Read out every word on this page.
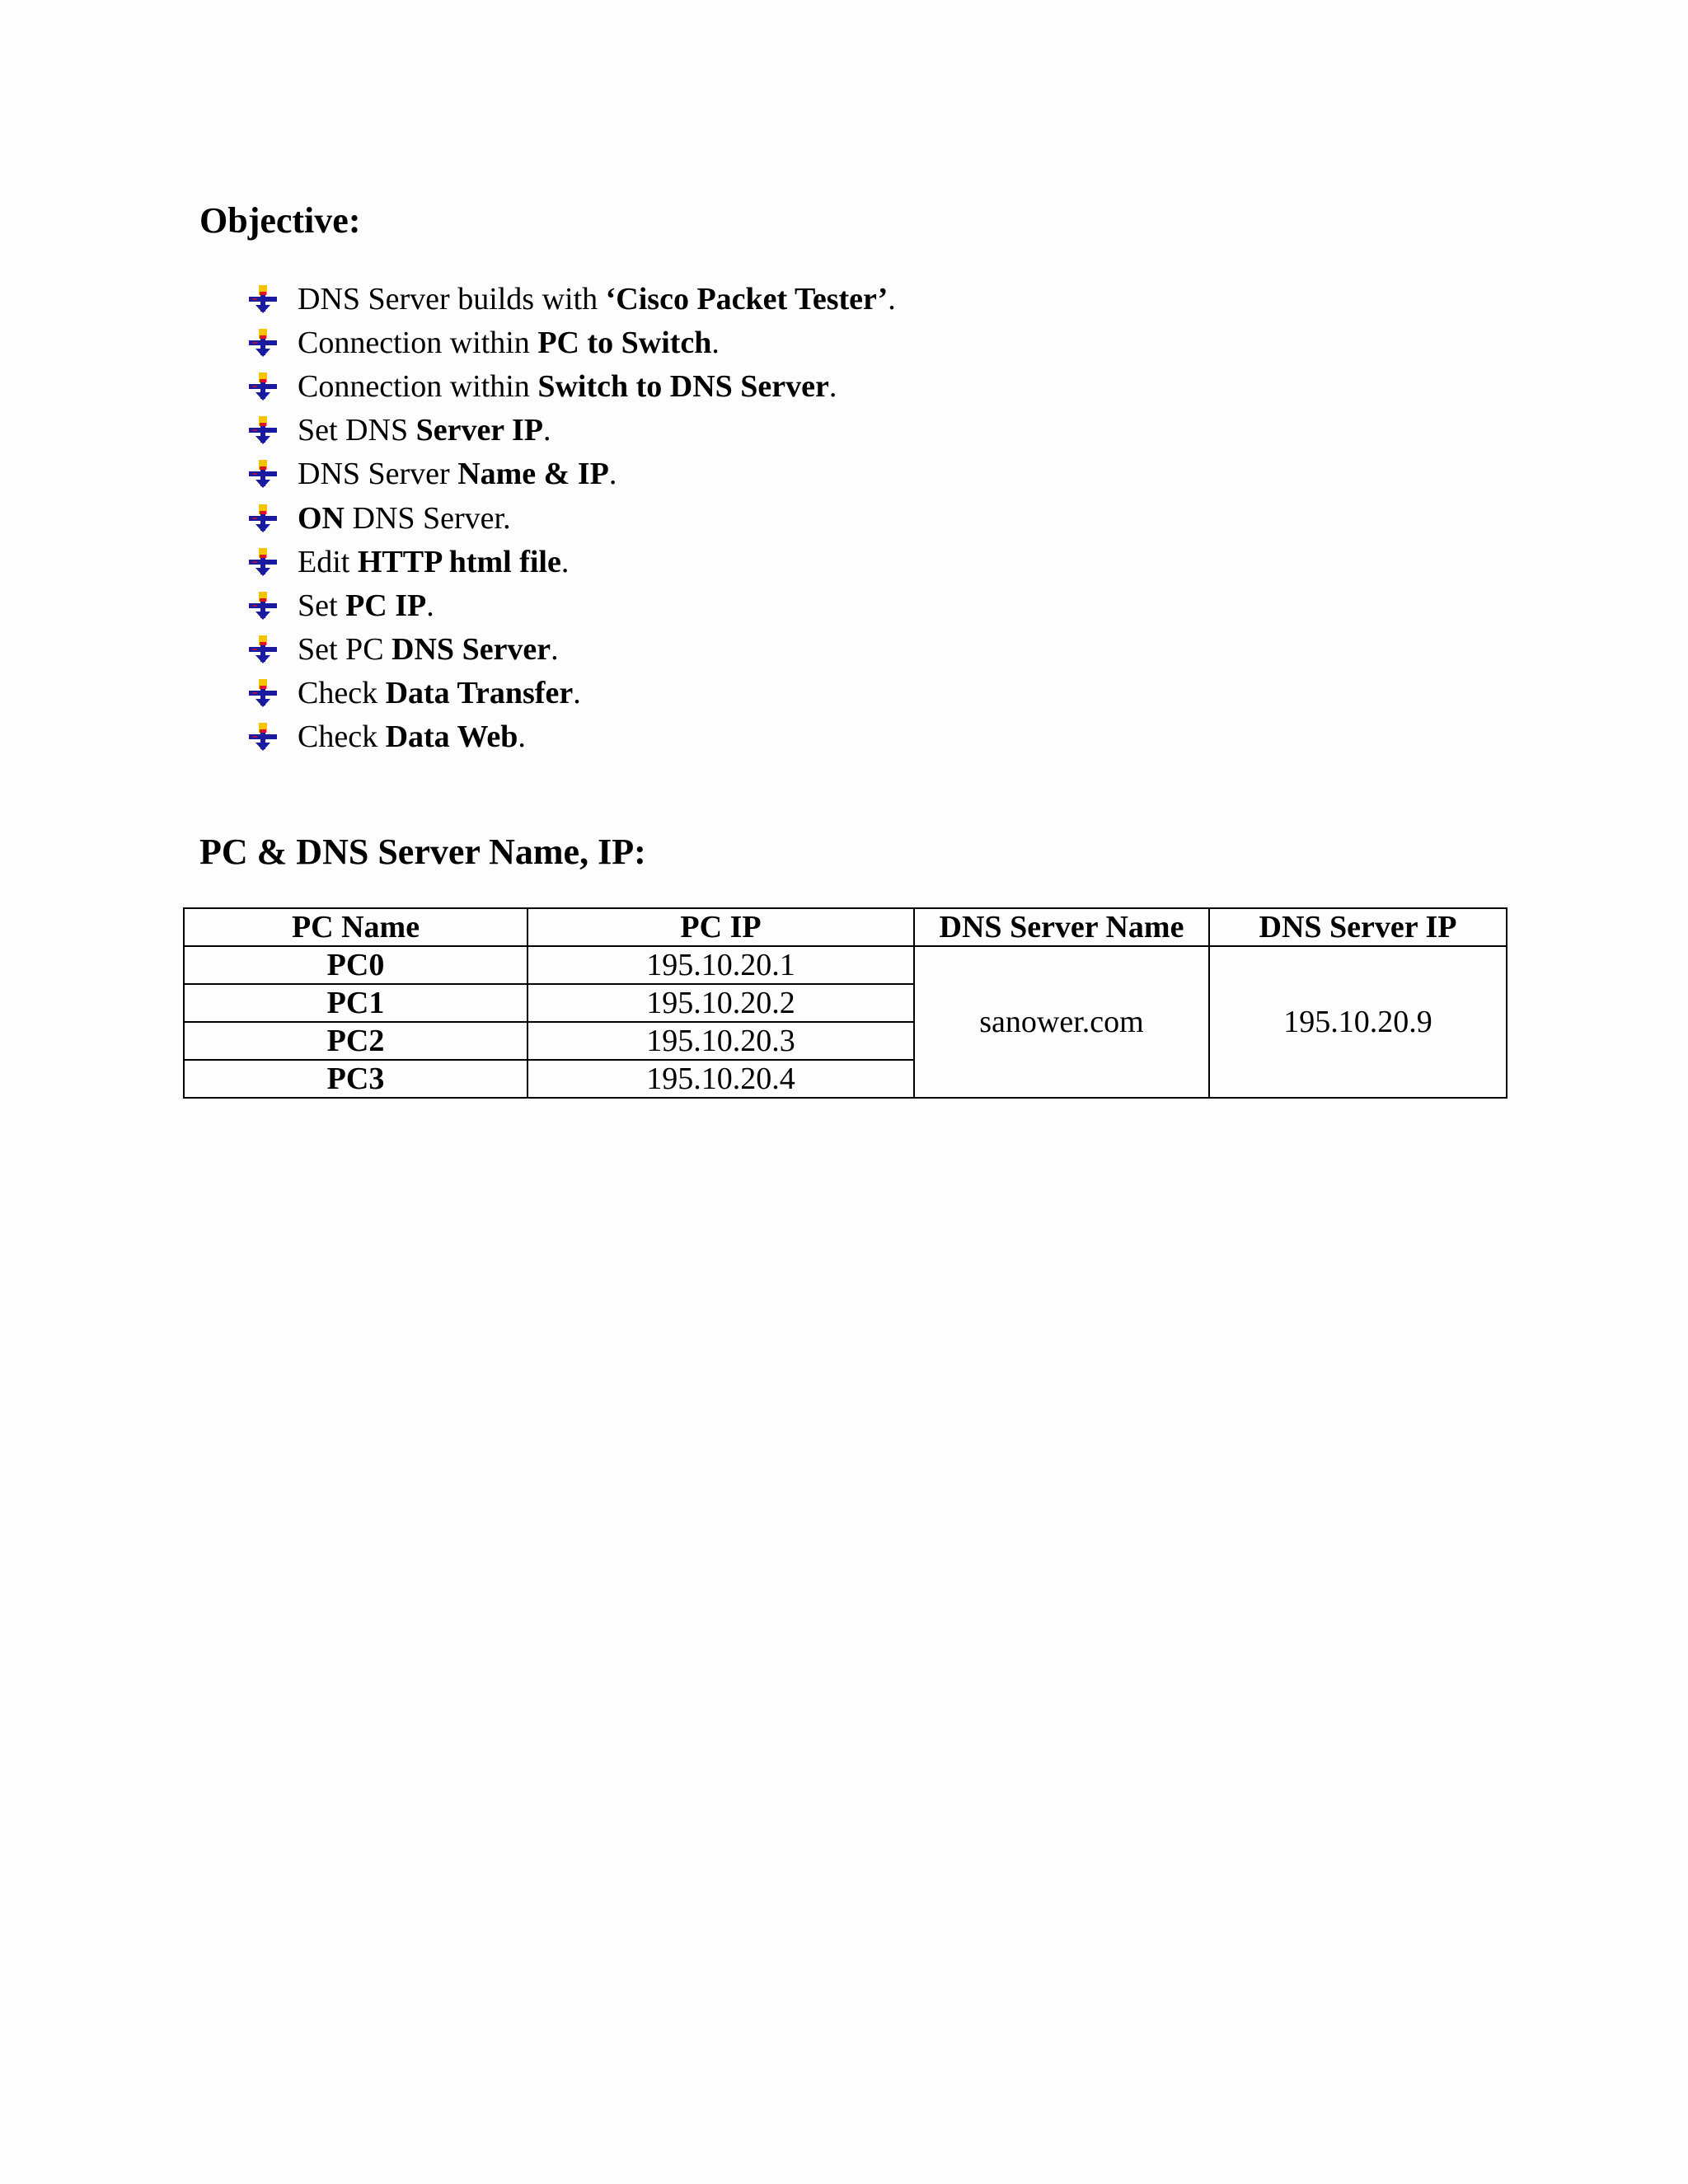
Objective:
DNS Server builds with ‘Cisco Packet Tester’.
Connection within PC to Switch.
Connection within Switch to DNS Server.
Set DNS Server IP.
DNS Server Name & IP.
ON DNS Server.
Edit HTTP html file.
Set PC IP.
Set PC DNS Server.
Check Data Transfer.
Check Data Web.
PC & DNS Server Name, IP:
PC Name	PC IP	DNS Server Name	DNS Server IP
PC0	195.10.20.1	sanower.com	195.10.20.9
PC1	195.10.20.2		
PC2	195.10.20.3		
PC3	195.10.20.4		
